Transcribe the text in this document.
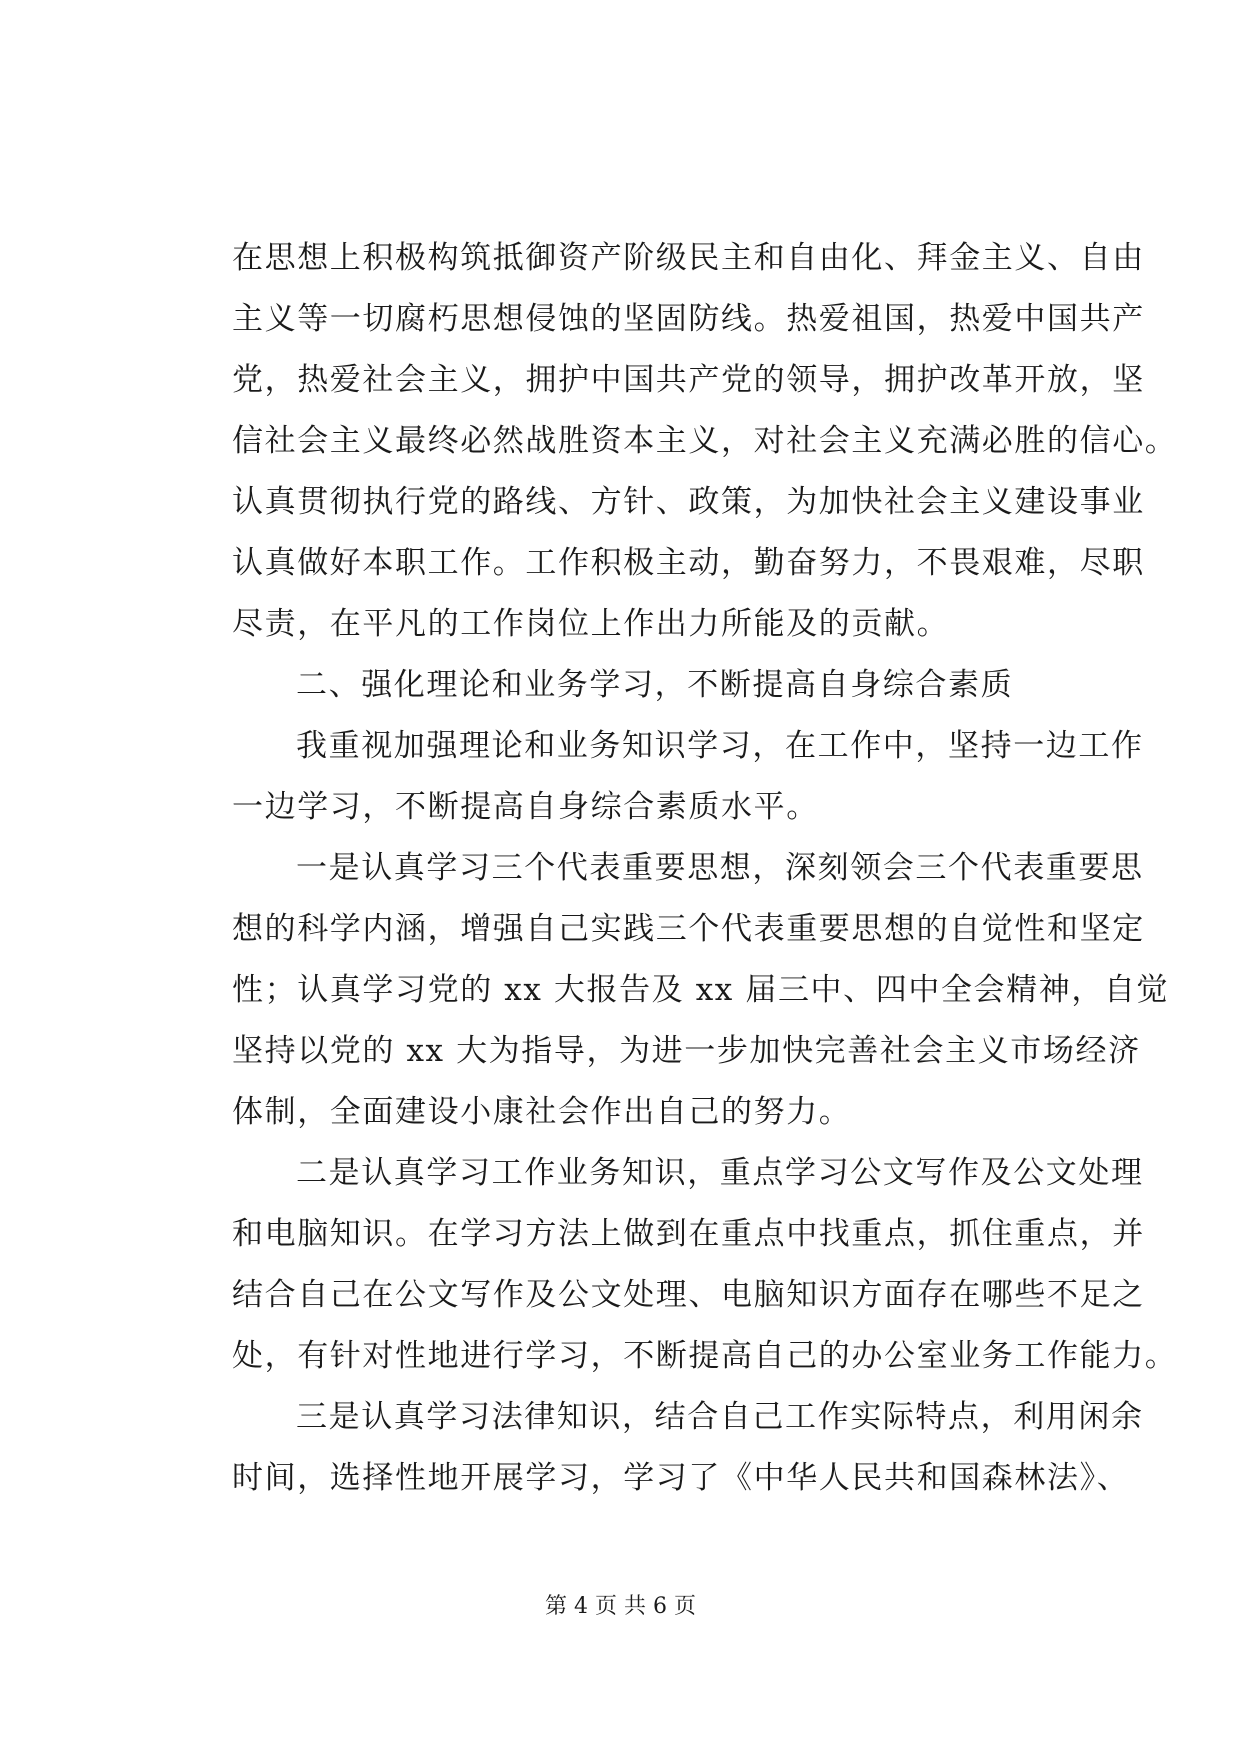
在思想上积极构筑抵御资产阶级民主和自由化、拜金主义、自由
主义等一切腐朽思想侵蚀的坚固防线。热爱祖国，热爱中国共产
党，热爱社会主义，拥护中国共产党的领导，拥护改革开放，坚
信社会主义最终必然战胜资本主义，对社会主义充满必胜的信心。
认真贯彻执行党的路线、方针、政策，为加快社会主义建设事业
认真做好本职工作。工作积极主动，勤奋努力，不畏艰难，尽职
尽责，在平凡的工作岗位上作出力所能及的贡献。
二、强化理论和业务学习，不断提高自身综合素质
我重视加强理论和业务知识学习，在工作中，坚持一边工作
一边学习，不断提高自身综合素质水平。
一是认真学习三个代表重要思想，深刻领会三个代表重要思
想的科学内涵，增强自己实践三个代表重要思想的自觉性和坚定
性；认真学习党的 xx 大报告及 xx 届三中、四中全会精神，自觉
坚持以党的 xx 大为指导，为进一步加快完善社会主义市场经济
体制，全面建设小康社会作出自己的努力。
二是认真学习工作业务知识，重点学习公文写作及公文处理
和电脑知识。在学习方法上做到在重点中找重点，抓住重点，并
结合自己在公文写作及公文处理、电脑知识方面存在哪些不足之
处，有针对性地进行学习，不断提高自己的办公室业务工作能力。
三是认真学习法律知识，结合自己工作实际特点，利用闲余
时间，选择性地开展学习，学习了《中华人民共和国森林法》、
第 4 页 共 6 页
